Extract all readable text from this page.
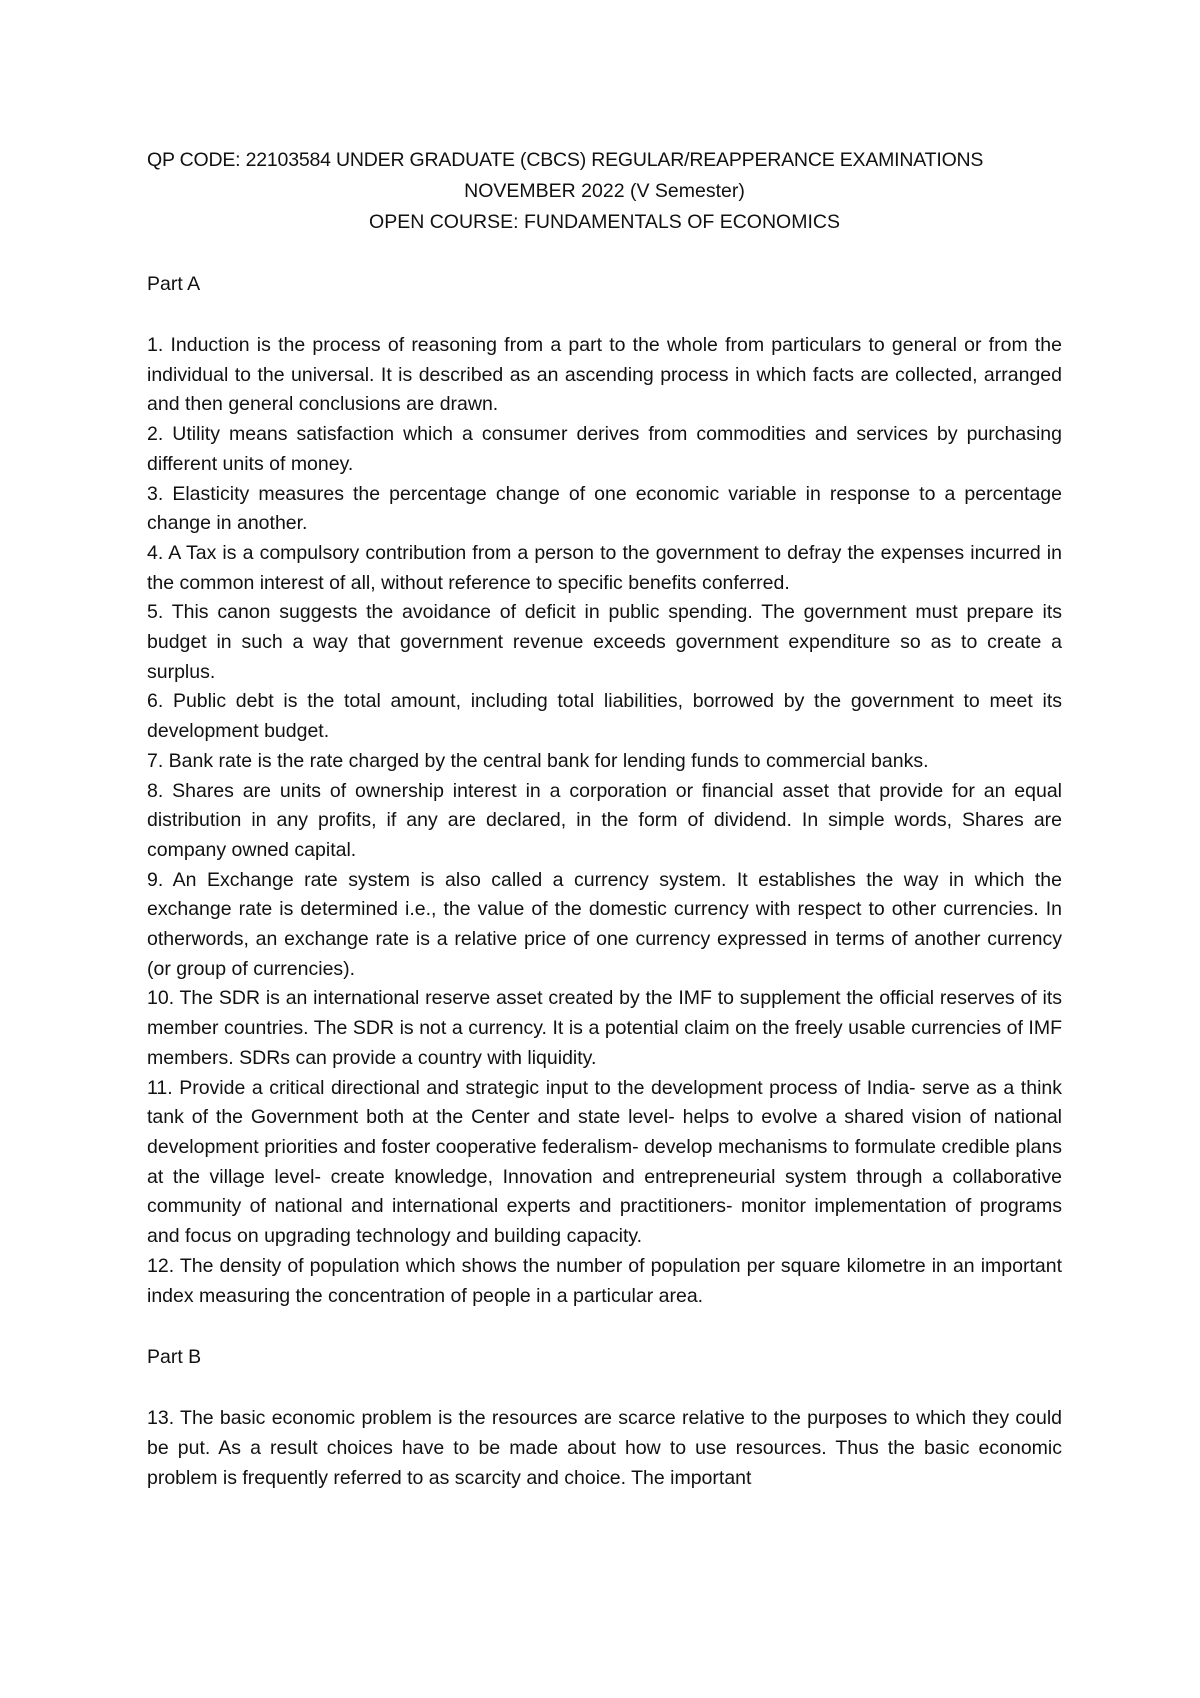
QP CODE: 22103584 UNDER GRADUATE (CBCS) REGULAR/REAPPERANCE EXAMINATIONS
NOVEMBER 2022 (V Semester)
OPEN COURSE: FUNDAMENTALS OF ECONOMICS
Part A

1. Induction is the process of reasoning from a part to the whole from particulars to general or from the individual to the universal. It is described as an ascending process in which facts are collected, arranged and then general conclusions are drawn.

2. Utility means satisfaction which a consumer derives from commodities and services by purchasing different units of money.

3. Elasticity measures the percentage change of one economic variable in response to a percentage change in another.

4. A Tax is a compulsory contribution from a person to the government to defray the expenses incurred in the common interest of all, without reference to specific benefits conferred.

5. This canon suggests the avoidance of deficit in public spending. The government must prepare its budget in such a way that government revenue exceeds government expenditure so as to create a surplus.

6. Public debt is the total amount, including total liabilities, borrowed by the government to meet its development budget.

7. Bank rate is the rate charged by the central bank for lending funds to commercial banks.

8. Shares are units of ownership interest in a corporation or financial asset that provide for an equal distribution in any profits, if any are declared, in the form of dividend. In simple words, Shares are company owned capital.

9. An Exchange rate system is also called a currency system. It establishes the way in which the exchange rate is determined i.e., the value of the domestic currency with respect to other currencies. In otherwords, an exchange rate is a relative price of one currency expressed in terms of another currency (or group of currencies).

10. The SDR is an international reserve asset created by the IMF to supplement the official reserves of its member countries. The SDR is not a currency. It is a potential claim on the freely usable currencies of IMF members. SDRs can provide a country with liquidity.

11. Provide a critical directional and strategic input to the development process of India- serve as a think tank of the Government both at the Center and state level- helps to evolve a shared vision of national development priorities and foster cooperative federalism- develop mechanisms to formulate credible plans at the village level- create knowledge, Innovation and entrepreneurial system through a collaborative community of national and international experts and practitioners- monitor implementation of programs and focus on upgrading technology and building capacity.

12. The density of population which shows the number of population per square kilometre in an important index measuring the concentration of people in a particular area.

Part B

13. The basic economic problem is the resources are scarce relative to the purposes to which they could be put. As a result choices have to be made about how to use resources. Thus the basic economic problem is frequently referred to as scarcity and choice. The important
